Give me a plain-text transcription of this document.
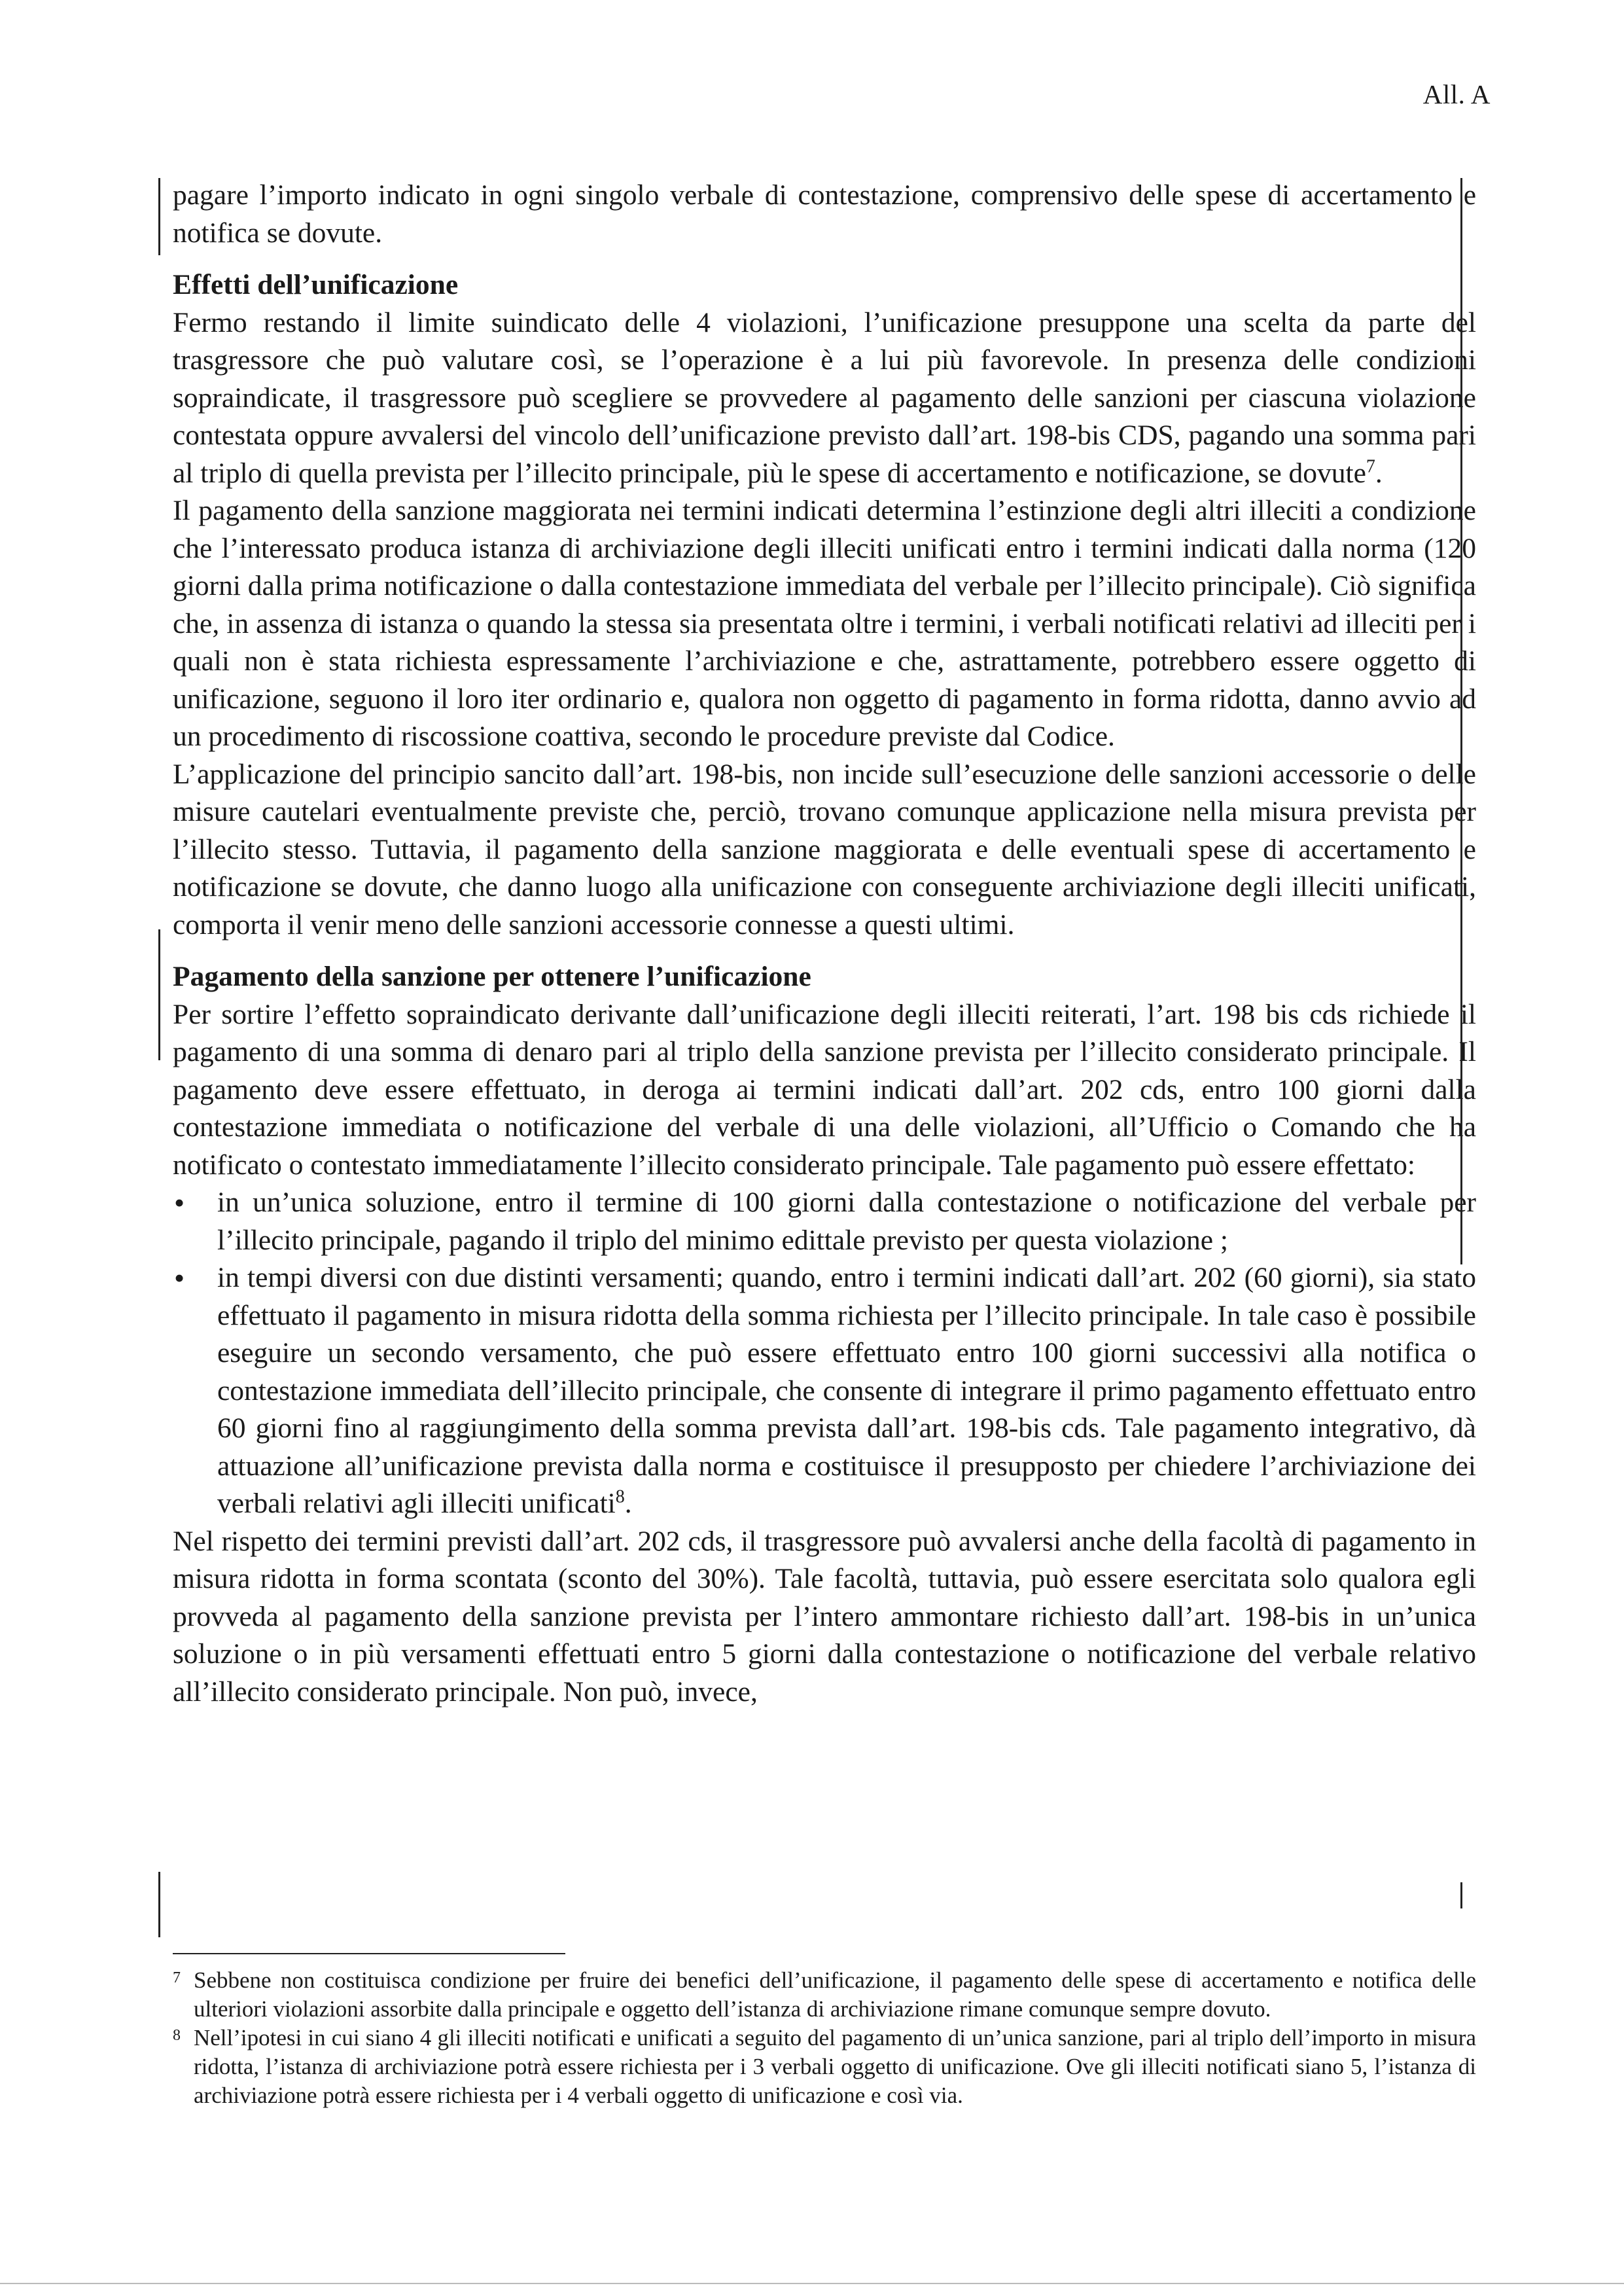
All. A

pagare l’importo indicato in ogni singolo verbale di contestazione, comprensivo delle spese di accertamento e notifica se dovute.

Effetti dell’unificazione

Fermo restando il limite suindicato delle 4 violazioni, l’unificazione presuppone una scelta da parte del trasgressore che può valutare così, se l’operazione è a lui più favorevole. In presenza delle condizioni sopraindicate, il trasgressore può scegliere se provvedere al pagamento delle sanzioni per ciascuna violazione contestata oppure avvalersi del vincolo dell’unificazione previsto dall’art. 198-bis CDS, pagando una somma pari al triplo di quella prevista per l’illecito principale, più le spese di accertamento e notificazione, se dovute$^7$.

Il pagamento della sanzione maggiorata nei termini indicati determina l’estinzione degli altri illeciti a condizione che l’interessato produca istanza di archiviazione degli illeciti unificati entro i termini indicati dalla norma (120 giorni dalla prima notificazione o dalla contestazione immediata del verbale per l’illecito principale). Ciò significa che, in assenza di istanza o quando la stessa sia presentata oltre i termini, i verbali notificati relativi ad illeciti per i quali non è stata richiesta espressamente l’archiviazione e che, astrattamente, potrebbero essere oggetto di unificazione, seguono il loro iter ordinario e, qualora non oggetto di pagamento in forma ridotta, danno avvio ad un procedimento di riscossione coattiva, secondo le procedure previste dal Codice.

L’applicazione del principio sancito dall’art. 198-bis, non incide sull’esecuzione delle sanzioni accessorie o delle misure cautelari eventualmente previste che, perciò, trovano comunque applicazione nella misura prevista per l’illecito stesso. Tuttavia, il pagamento della sanzione maggiorata e delle eventuali spese di accertamento e notificazione se dovute, che danno luogo alla unificazione con conseguente archiviazione degli illeciti unificati, comporta il venir meno delle sanzioni accessorie connesse a questi ultimi.

Pagamento della sanzione per ottenere l’unificazione

Per sortire l’effetto sopraindicato derivante dall’unificazione degli illeciti reiterati, l’art. 198 bis cds richiede il pagamento di una somma di denaro pari al triplo della sanzione prevista per l’illecito considerato principale. Il pagamento deve essere effettuato, in deroga ai termini indicati dall’art. 202 cds, entro 100 giorni dalla contestazione immediata o notificazione del verbale di una delle violazioni, all’Ufficio o Comando che ha notificato o contestato immediatamente l’illecito considerato principale. Tale pagamento può essere effettato:

• in un’unica soluzione, entro il termine di 100 giorni dalla contestazione o notificazione del verbale per l’illecito principale, pagando il triplo del minimo edittale previsto per questa violazione ;
• in tempi diversi con due distinti versamenti; quando, entro i termini indicati dall’art. 202 (60 giorni), sia stato effettuato il pagamento in misura ridotta della somma richiesta per l’illecito principale. In tale caso è possibile eseguire un secondo versamento, che può essere effettuato entro 100 giorni successivi alla notifica o contestazione immediata dell’illecito principale, che consente di integrare il primo pagamento effettuato entro 60 giorni fino al raggiungimento della somma prevista dall’art. 198-bis cds. Tale pagamento integrativo, dà attuazione all’unificazione prevista dalla norma e costituisce il presupposto per chiedere l’archiviazione dei verbali relativi agli illeciti unificati$^8$.

Nel rispetto dei termini previsti dall’art. 202 cds, il trasgressore può avvalersi anche della facoltà di pagamento in misura ridotta in forma scontata (sconto del 30%). Tale facoltà, tuttavia, può essere esercitata solo qualora egli provveda al pagamento della sanzione prevista per l’intero ammontare richiesto dall’art. 198-bis in un’unica soluzione o in più versamenti effettuati entro 5 giorni dalla contestazione o notificazione del verbale relativo all’illecito considerato principale. Non può, invece,

7 Sebbene non costituisca condizione per fruire dei benefici dell’unificazione, il pagamento delle spese di accertamento e notifica delle ulteriori violazioni assorbite dalla principale e oggetto dell’istanza di archiviazione rimane comunque sempre dovuto.

8 Nell’ipotesi in cui siano 4 gli illeciti notificati e unificati a seguito del pagamento di un’unica sanzione, pari al triplo dell’importo in misura ridotta, l’istanza di archiviazione potrà essere richiesta per i 3 verbali oggetto di unificazione. Ove gli illeciti notificati siano 5, l’istanza di archiviazione potrà essere richiesta per i 4 verbali oggetto di unificazione e così via.
